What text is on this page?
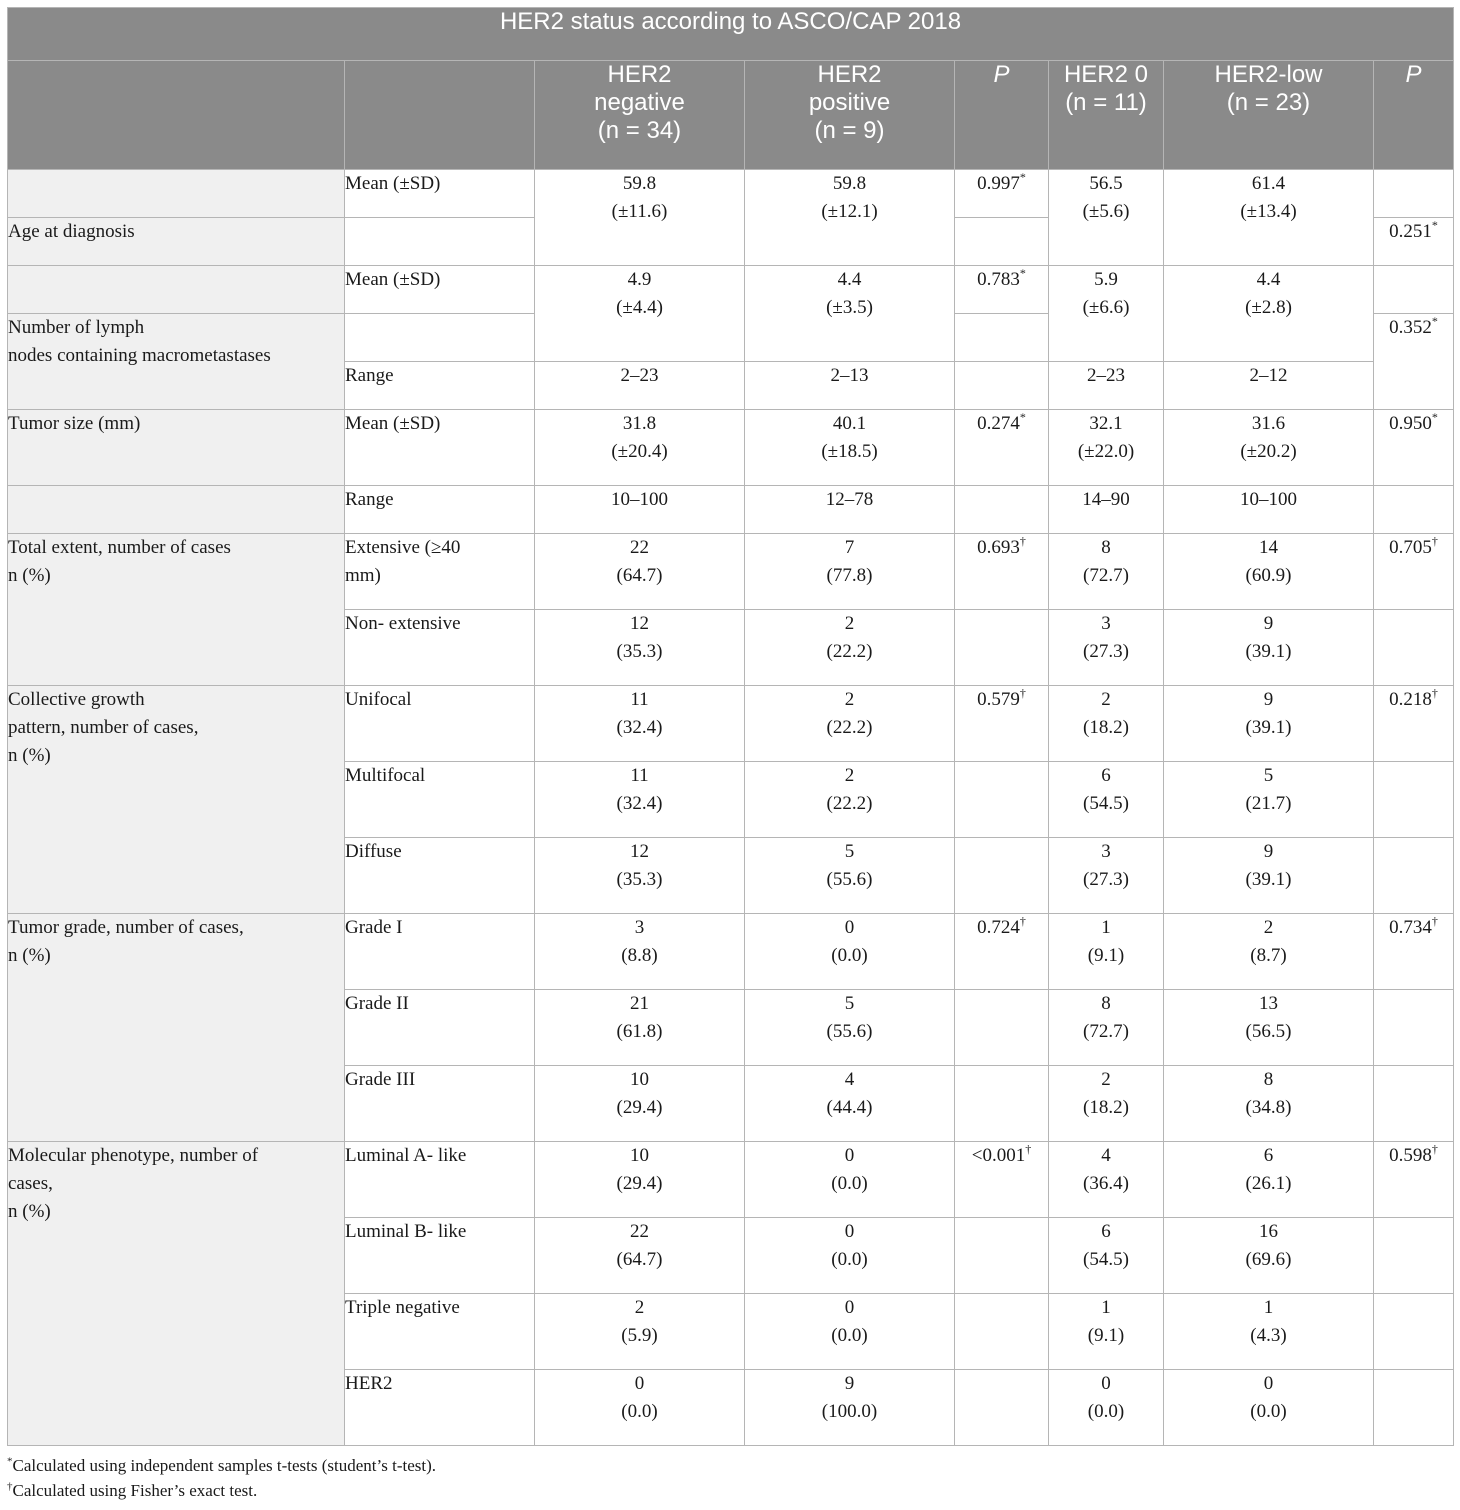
HER2 status according to ASCO/CAP 2018							

		HER2
negative
(n = 34)	HER2
positive
(n = 9)	P	HER2 0
(n = 11)	HER2-low
(n = 23)	P

	Mean (±SD)	59.8
(±11.6)	59.8
(±12.1)	0.997*	56.5
(±5.6)	61.4
(±13.4)	

Age at diagnosis							0.251*
	Mean (±SD)	4.9
(±4.4)	4.4
(±3.5)	0.783*	5.9
(±6.6)	4.4
(±2.8)	

Number of lymph
nodes containing macrometastases							0.352*
	Range	2–23	2–13		2–23	2–12	

Tumor size (mm)	Mean (±SD)	31.8
(±20.4)	40.1
(±18.5)	0.274*	32.1
(±22.0)	31.6
(±20.2)	0.950*
	Range	10–100	12–78		14–90	10–100	

Total extent, number of cases
n (%)	Extensive (≥40
mm)	22
(64.7)	7
(77.8)	0.693†	8
(72.7)	14
(60.9)	0.705†

	Non- extensive	12
(35.3)	2
(22.2)		3
(27.3)	9
(39.1)	

Collective growth
pattern, number of cases,
n (%)	Unifocal	11
(32.4)	2
(22.2)	0.579†	2
(18.2)	9
(39.1)	0.218†

	Multifocal	11
(32.4)	2
(22.2)		6
(54.5)	5
(21.7)	

	Diffuse	12
(35.3)	5
(55.6)		3
(27.3)	9
(39.1)	

Tumor grade, number of cases,
n (%)	Grade I	3
(8.8)	0
(0.0)	0.724†	1
(9.1)	2
(8.7)	0.734†

	Grade II	21
(61.8)	5
(55.6)		8
(72.7)	13
(56.5)	

	Grade III	10
(29.4)	4
(44.4)		2
(18.2)	8
(34.8)	

Molecular phenotype, number of
cases,
n (%)	Luminal A- like	10
(29.4)	0
(0.0)	<0.001†	4
(36.4)	6
(26.1)	0.598†

	Luminal B- like	22
(64.7)	0
(0.0)		6
(54.5)	16
(69.6)	

	Triple negative	2
(5.9)	0
(0.0)		1
(9.1)	1
(4.3)	

	HER2	0
(0.0)	9
(100.0)		0
(0.0)	0
(0.0)	

*Calculated using independent samples t-tests (student’s t-test).
†Calculated using Fisher’s exact test.
